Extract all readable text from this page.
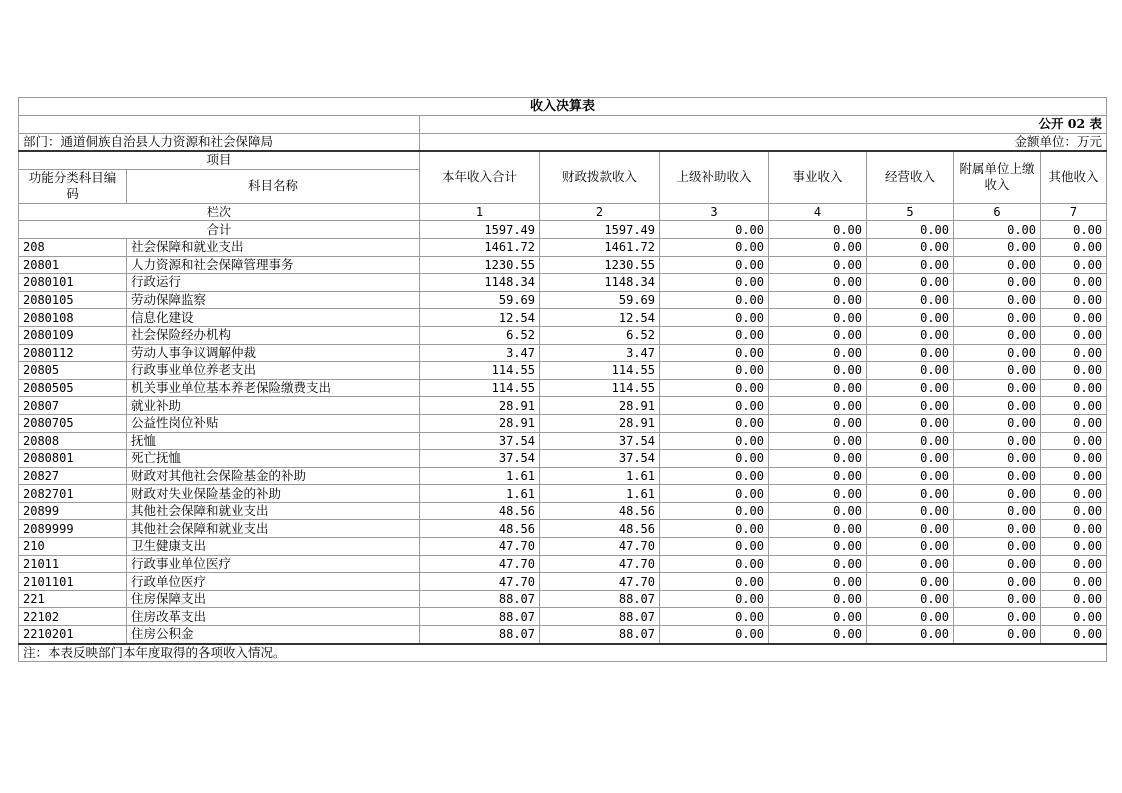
收入决算表								
		公开 02 表						
部门：通道侗族自治县人力资源和社会保障局		金额单位：万元						
项目		本年收入合计	财政拨款收入	上级补助收入	事业收入	经营收入	附属单位上缴收入	其他收入
功能分类科目编码	科目名称							
栏次		1	2	3	4	5	6	7
合计		1597.49	1597.49	0.00	0.00	0.00	0.00	0.00
208	社会保障和就业支出	1461.72	1461.72	0.00	0.00	0.00	0.00	0.00
20801	人力资源和社会保障管理事务	1230.55	1230.55	0.00	0.00	0.00	0.00	0.00
2080101	行政运行	1148.34	1148.34	0.00	0.00	0.00	0.00	0.00
2080105	劳动保障监察	59.69	59.69	0.00	0.00	0.00	0.00	0.00
2080108	信息化建设	12.54	12.54	0.00	0.00	0.00	0.00	0.00
2080109	社会保险经办机构	6.52	6.52	0.00	0.00	0.00	0.00	0.00
2080112	劳动人事争议调解仲裁	3.47	3.47	0.00	0.00	0.00	0.00	0.00
20805	行政事业单位养老支出	114.55	114.55	0.00	0.00	0.00	0.00	0.00
2080505	机关事业单位基本养老保险缴费支出	114.55	114.55	0.00	0.00	0.00	0.00	0.00
20807	就业补助	28.91	28.91	0.00	0.00	0.00	0.00	0.00
2080705	公益性岗位补贴	28.91	28.91	0.00	0.00	0.00	0.00	0.00
20808	抚恤	37.54	37.54	0.00	0.00	0.00	0.00	0.00
2080801	死亡抚恤	37.54	37.54	0.00	0.00	0.00	0.00	0.00
20827	财政对其他社会保险基金的补助	1.61	1.61	0.00	0.00	0.00	0.00	0.00
2082701	财政对失业保险基金的补助	1.61	1.61	0.00	0.00	0.00	0.00	0.00
20899	其他社会保障和就业支出	48.56	48.56	0.00	0.00	0.00	0.00	0.00
2089999	其他社会保障和就业支出	48.56	48.56	0.00	0.00	0.00	0.00	0.00
210	卫生健康支出	47.70	47.70	0.00	0.00	0.00	0.00	0.00
21011	行政事业单位医疗	47.70	47.70	0.00	0.00	0.00	0.00	0.00
2101101	行政单位医疗	47.70	47.70	0.00	0.00	0.00	0.00	0.00
221	住房保障支出	88.07	88.07	0.00	0.00	0.00	0.00	0.00
22102	住房改革支出	88.07	88.07	0.00	0.00	0.00	0.00	0.00
2210201	住房公积金	88.07	88.07	0.00	0.00	0.00	0.00	0.00
注：本表反映部门本年度取得的各项收入情况。								
